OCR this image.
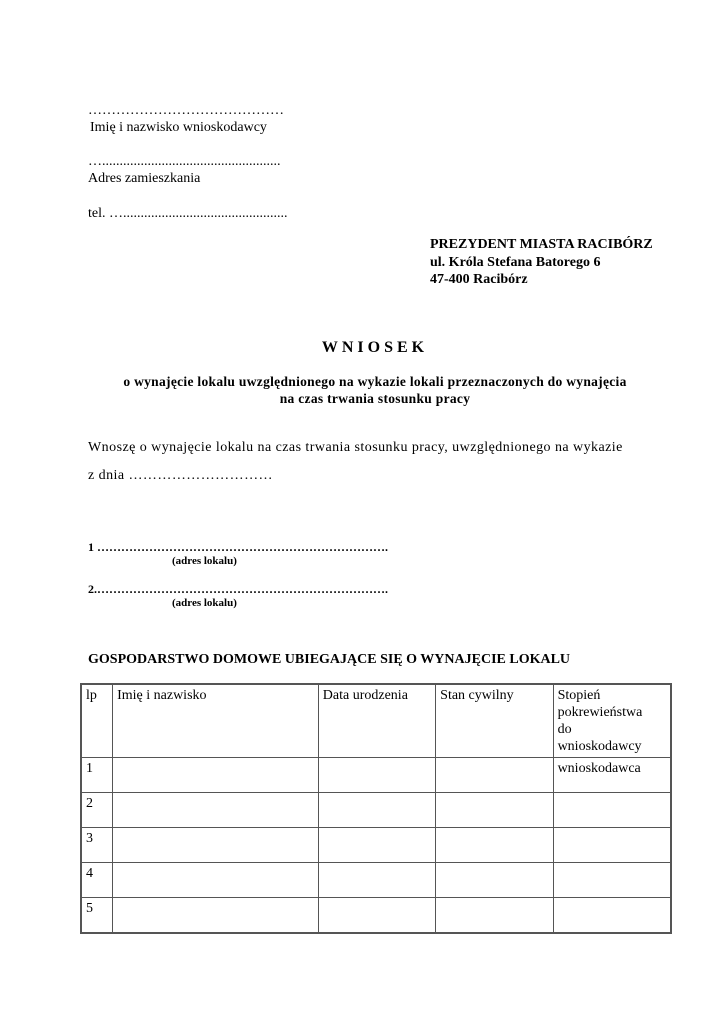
……………………………………
Imię i nazwisko wnioskodawcy
…...................................................
Adres zamieszkania
tel. …...............................................
PREZYDENT MIASTA RACIBÓRZ
ul. Króla Stefana Batorego 6
47-400 Racibórz
WNIOSEK
o wynajęcie lokalu uwzględnionego na wykazie lokali przeznaczonych do wynajęcia
na czas trwania stosunku pracy
Wnoszę o wynajęcie lokalu na czas trwania stosunku pracy, uwzględnionego na wykazie
z dnia …………………………
1 ……………………………………………………………….
(adres lokalu)
2.……………………………………………………………….
(adres lokalu)
GOSPODARSTWO DOMOWE UBIEGAJĄCE SIĘ O WYNAJĘCIE LOKALU
lp	Imię i nazwisko	Data urodzenia	Stan cywilny	Stopień
pokrewieństwa
do
wnioskodawcy

1				wnioskodawca
2				
3				
4				
5				
